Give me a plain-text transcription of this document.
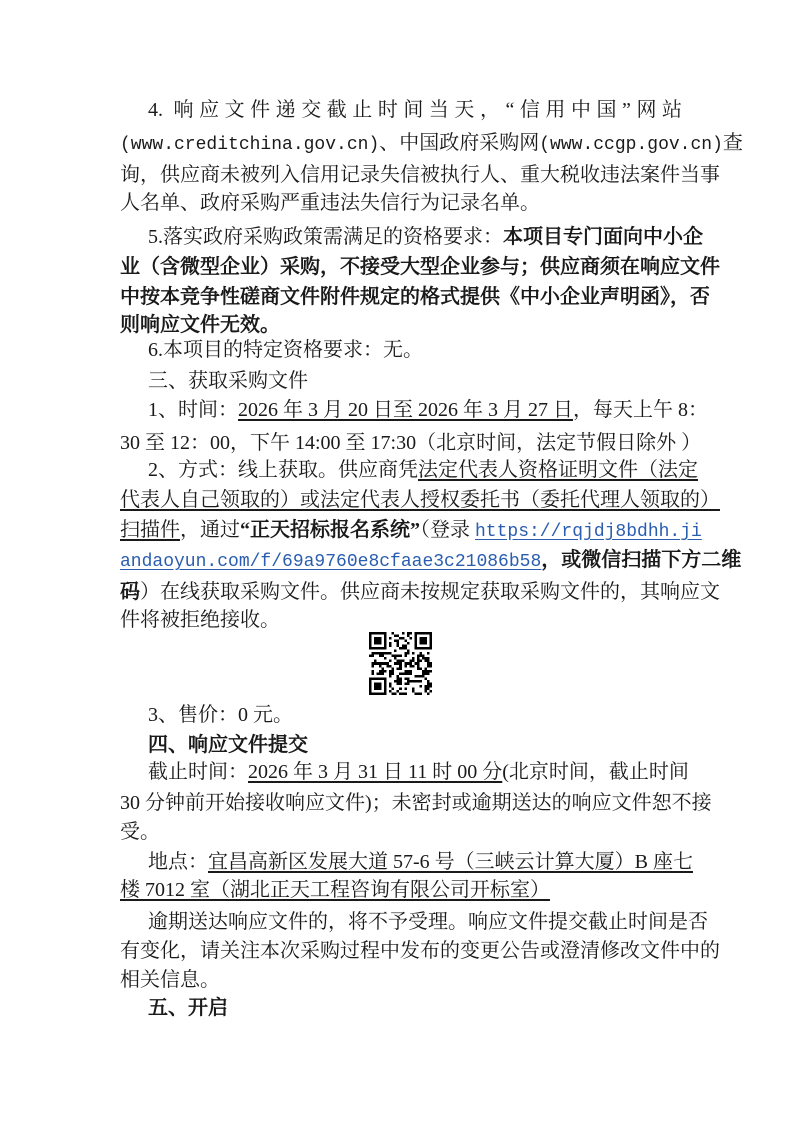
4. 响应文件递交截止时间当天，“信用中国”网站
(www.creditchina.gov.cn)、中国政府采购网(www.ccgp.gov.cn)查
询，供应商未被列入信用记录失信被执行人、重大税收违法案件当事
人名单、政府采购严重违法失信行为记录名单。
5.落实政府采购政策需满足的资格要求：本项目专门面向中小企
业（含微型企业）采购，不接受大型企业参与；供应商须在响应文件
中按本竞争性磋商文件附件规定的格式提供《中小企业声明函》，否
则响应文件无效。
6.本项目的特定资格要求：无。
三、获取采购文件
1、时间：2026 年 3 月 20 日至 2026 年 3 月 27 日，每天上午 8：
30 至 12：00，下午 14:00 至 17:30（北京时间，法定节假日除外 ）
2、方式：线上获取。供应商凭法定代表人资格证明文件（法定
代表人自己领取的）或法定代表人授权委托书（委托代理人领取的）
扫描件，通过“正天招标报名系统”（登录 https://rqjdj8bdhh.ji
andaoyun.com/f/69a9760e8cfaae3c21086b58，或微信扫描下方二维
码）在线获取采购文件。供应商未按规定获取采购文件的，其响应文
件将被拒绝接收。
3、售价：0 元。
四、响应文件提交
截止时间：2026 年 3 月 31 日 11 时 00 分(北京时间，截止时间
30 分钟前开始接收响应文件)；未密封或逾期送达的响应文件恕不接
受。
地点：宜昌高新区发展大道 57-6 号（三峡云计算大厦）B 座七
楼 7012 室（湖北正天工程咨询有限公司开标室）
逾期送达响应文件的，将不予受理。响应文件提交截止时间是否
有变化，请关注本次采购过程中发布的变更公告或澄清修改文件中的
相关信息。
五、开启
